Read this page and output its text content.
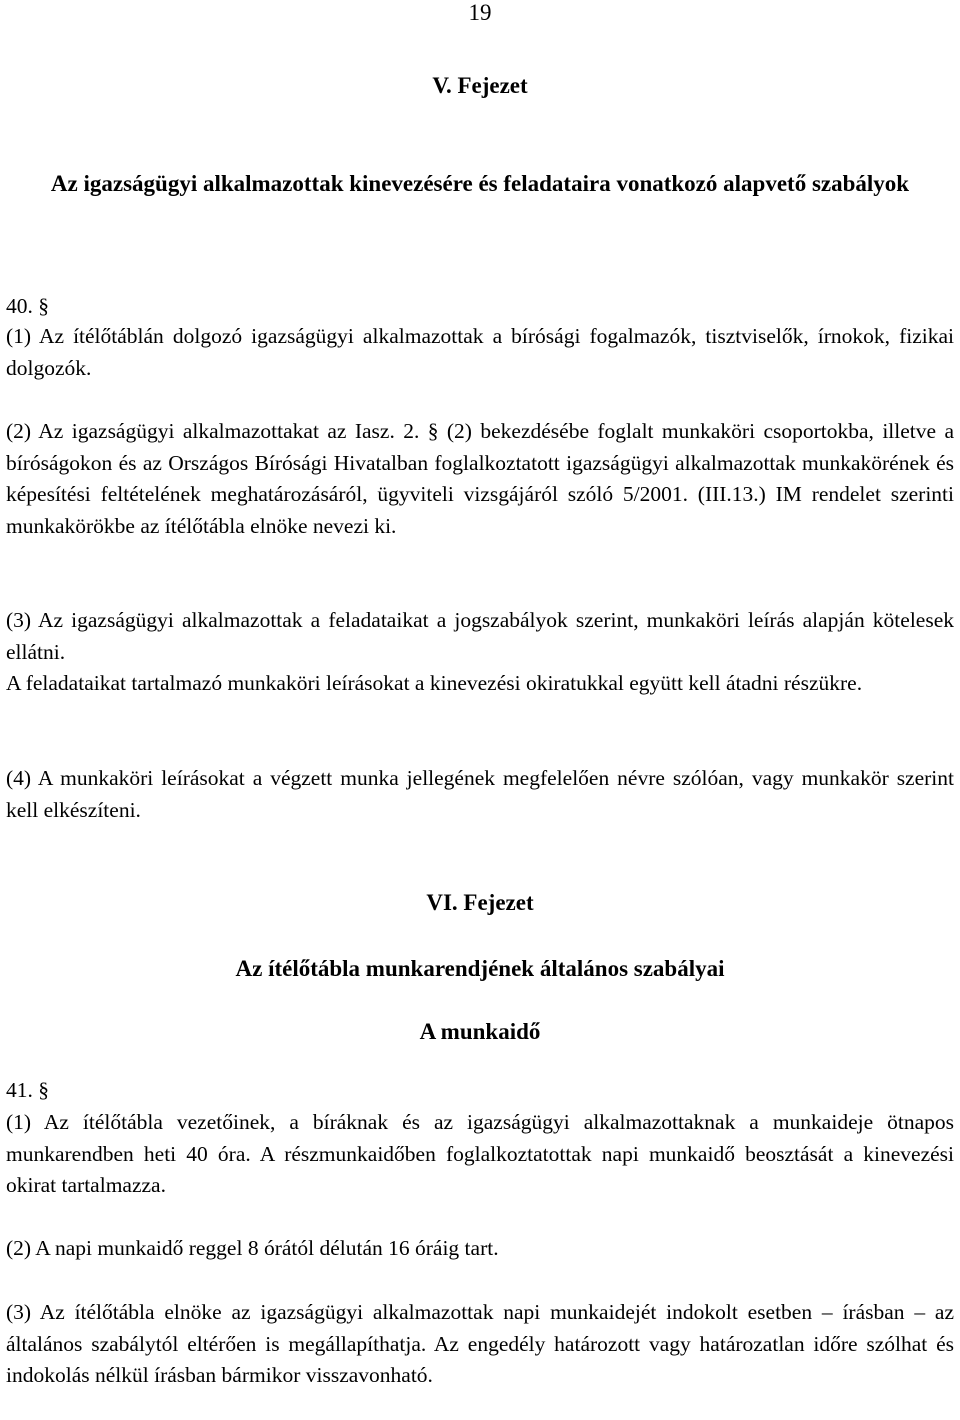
19
V. Fejezet
Az igazságügyi alkalmazottak kinevezésére és feladataira vonatkozó alapvető szabályok
40. §

(1) Az ítélőtáblán dolgozó igazságügyi alkalmazottak a bírósági fogalmazók, tisztviselők, írnokok, fizikai dolgozók.

(2) Az igazságügyi alkalmazottakat az Iasz. 2. § (2) bekezdésébe foglalt munkaköri csoportokba, illetve a bíróságokon és az Országos Bírósági Hivatalban foglalkoztatott igazságügyi alkalmazottak munkakörének és képesítési feltételének meghatározásáról, ügyviteli vizsgájáról szóló 5/2001. (III.13.) IM rendelet szerinti munkakörökbe az ítélőtábla elnöke nevezi ki.

(3) Az igazságügyi alkalmazottak a feladataikat a jogszabályok szerint, munkaköri leírás alapján kötelesek ellátni.

A feladataikat tartalmazó munkaköri leírásokat a kinevezési okiratukkal együtt kell átadni részükre.

(4) A munkaköri leírásokat a végzett munka jellegének megfelelően névre szólóan, vagy munkakör szerint kell elkészíteni.

VI. Fejezet
Az ítélőtábla munkarendjének általános szabályai
A munkaidő
41. §

(1) Az ítélőtábla vezetőinek, a bíráknak és az igazságügyi alkalmazottaknak a munkaideje ötnapos munkarendben heti 40 óra. A részmunkaidőben foglalkoztatottak napi munkaidő beosztását a kinevezési okirat tartalmazza.

(2) A napi munkaidő reggel 8 órától délután 16 óráig tart.

(3) Az ítélőtábla elnöke az igazságügyi alkalmazottak napi munkaidejét indokolt esetben – írásban – az általános szabálytól eltérően is megállapíthatja. Az engedély határozott vagy határozatlan időre szólhat és indokolás nélkül írásban bármikor visszavonható.
